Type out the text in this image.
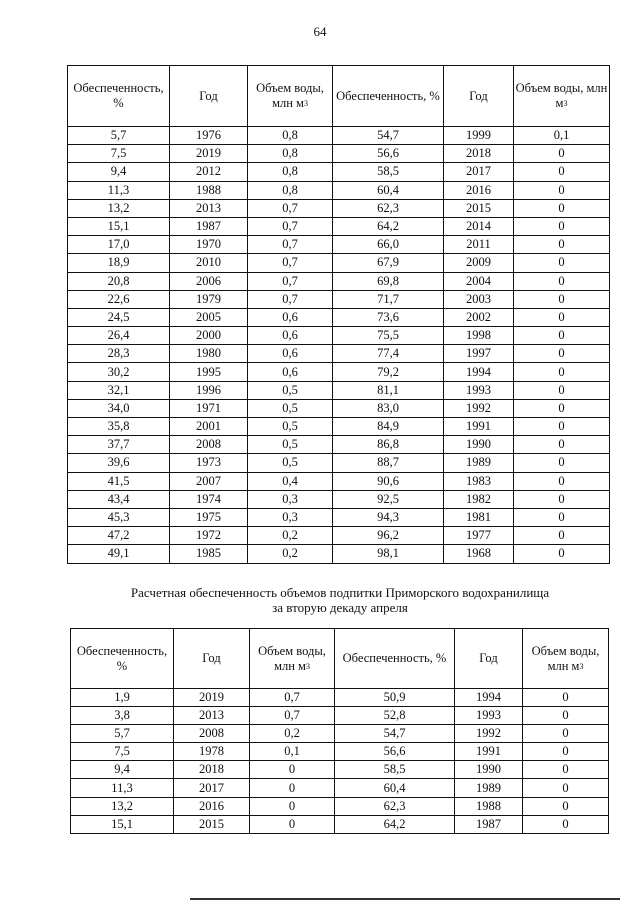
64
Обеспеченность, %	Год	Объем воды, млн $м^3$	Обеспеченность, %	Год	Объем воды, млн $м^3$
5,7	1976	0,8	54,7	1999	0,1
7,5	2019	0,8	56,6	2018	0
9,4	2012	0,8	58,5	2017	0
11,3	1988	0,8	60,4	2016	0
13,2	2013	0,7	62,3	2015	0
15,1	1987	0,7	64,2	2014	0
17,0	1970	0,7	66,0	2011	0
18,9	2010	0,7	67,9	2009	0
20,8	2006	0,7	69,8	2004	0
22,6	1979	0,7	71,7	2003	0
24,5	2005	0,6	73,6	2002	0
26,4	2000	0,6	75,5	1998	0
28,3	1980	0,6	77,4	1997	0
30,2	1995	0,6	79,2	1994	0
32,1	1996	0,5	81,1	1993	0
34,0	1971	0,5	83,0	1992	0
35,8	2001	0,5	84,9	1991	0
37,7	2008	0,5	86,8	1990	0
39,6	1973	0,5	88,7	1989	0
41,5	2007	0,4	90,6	1983	0
43,4	1974	0,3	92,5	1982	0
45,3	1975	0,3	94,3	1981	0
47,2	1972	0,2	96,2	1977	0
49,1	1985	0,2	98,1	1968	0
Расчетная обеспеченность объемов подпитки Приморского водохранилища
за вторую декаду апреля
Обеспеченность, %	Год	Объем воды, млн $м^3$	Обеспеченность, %	Год	Объем воды, млн $м^3$
1,9	2019	0,7	50,9	1994	0
3,8	2013	0,7	52,8	1993	0
5,7	2008	0,2	54,7	1992	0
7,5	1978	0,1	56,6	1991	0
9,4	2018	0	58,5	1990	0
11,3	2017	0	60,4	1989	0
13,2	2016	0	62,3	1988	0
15,1	2015	0	64,2	1987	0
